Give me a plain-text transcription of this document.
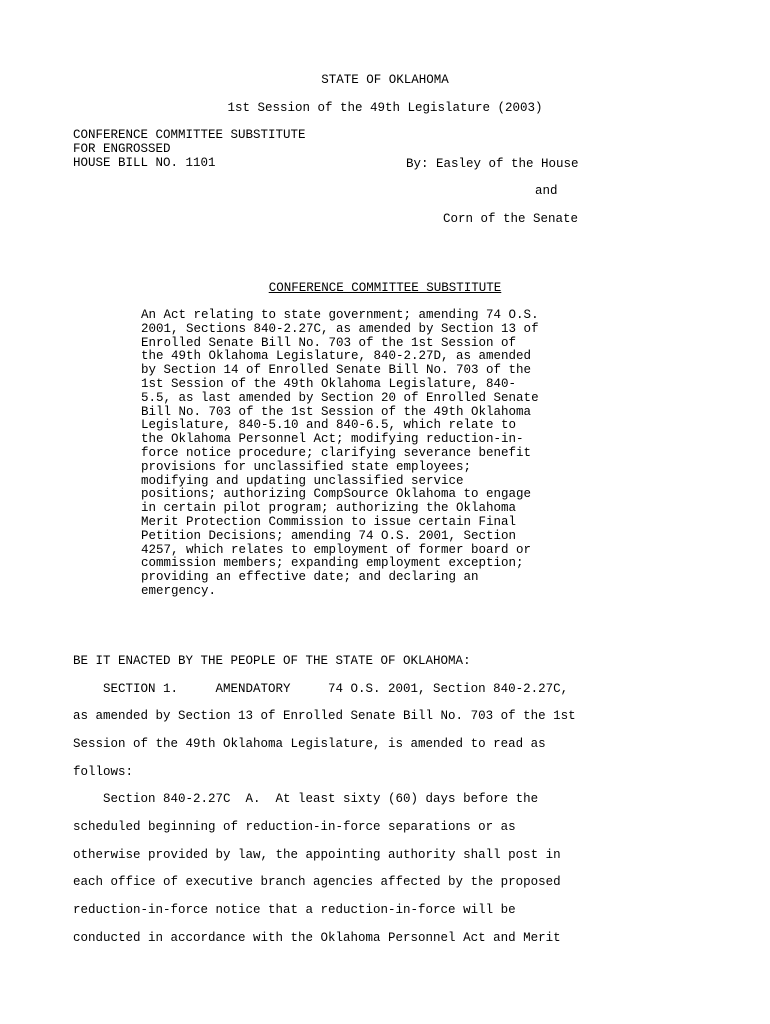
STATE OF OKLAHOMA
1st Session of the 49th Legislature (2003)
CONFERENCE COMMITTEE SUBSTITUTE
FOR ENGROSSED
HOUSE BILL NO. 1101	By: Easley of the House
and
Corn of the Senate
CONFERENCE COMMITTEE SUBSTITUTE
An Act relating to state government; amending 74 O.S.
2001, Sections 840-2.27C, as amended by Section 13 of
Enrolled Senate Bill No. 703 of the 1st Session of
the 49th Oklahoma Legislature, 840-2.27D, as amended
by Section 14 of Enrolled Senate Bill No. 703 of the
1st Session of the 49th Oklahoma Legislature, 840-
5.5, as last amended by Section 20 of Enrolled Senate
Bill No. 703 of the 1st Session of the 49th Oklahoma
Legislature, 840-5.10 and 840-6.5, which relate to
the Oklahoma Personnel Act; modifying reduction-in-
force notice procedure; clarifying severance benefit
provisions for unclassified state employees;
modifying and updating unclassified service
positions; authorizing CompSource Oklahoma to engage
in certain pilot program; authorizing the Oklahoma
Merit Protection Commission to issue certain Final
Petition Decisions; amending 74 O.S. 2001, Section
4257, which relates to employment of former board or
commission members; expanding employment exception;
providing an effective date; and declaring an
emergency.
BE IT ENACTED BY THE PEOPLE OF THE STATE OF OKLAHOMA:
SECTION 1.     AMENDATORY     74 O.S. 2001, Section 840-2.27C,
as amended by Section 13 of Enrolled Senate Bill No. 703 of the 1st
Session of the 49th Oklahoma Legislature, is amended to read as
follows:
Section 840-2.27C  A.  At least sixty (60) days before the
scheduled beginning of reduction-in-force separations or as
otherwise provided by law, the appointing authority shall post in
each office of executive branch agencies affected by the proposed
reduction-in-force notice that a reduction-in-force will be
conducted in accordance with the Oklahoma Personnel Act and Merit
